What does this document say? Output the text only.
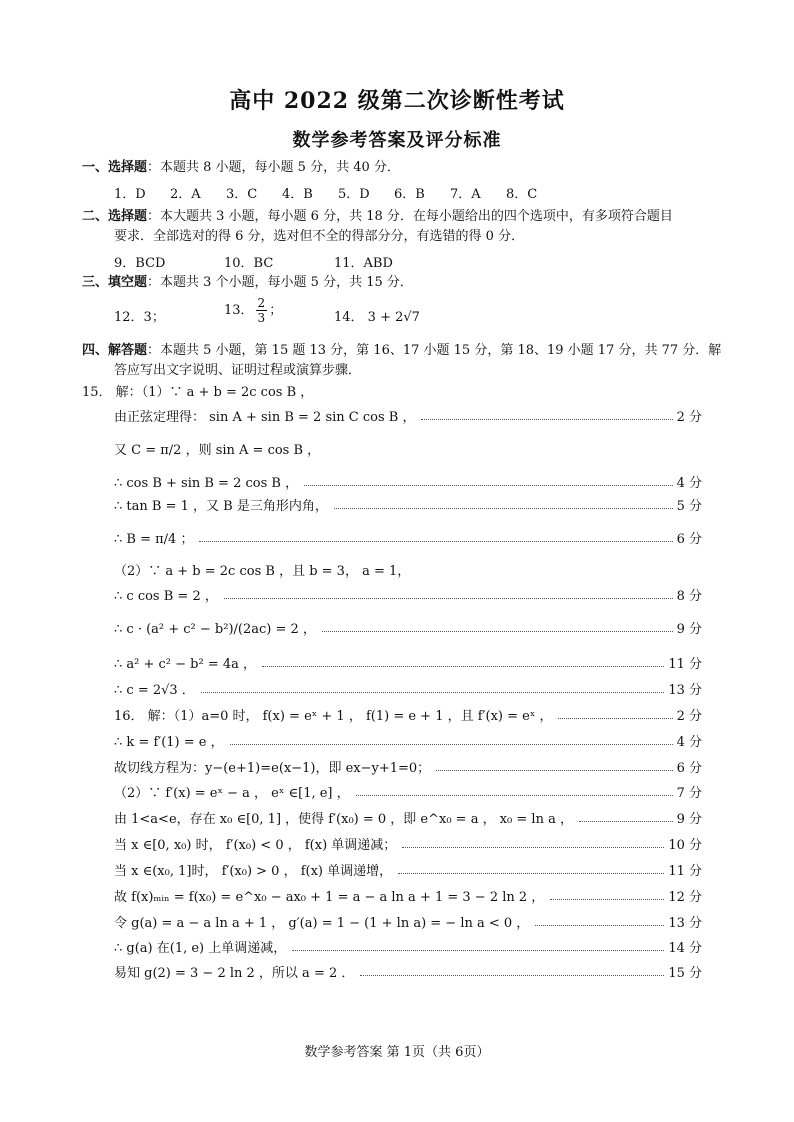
高中 2022 级第二次诊断性考试
数学参考答案及评分标准
一、选择题：本题共 8 小题，每小题 5 分，共 40 分．
1．D 2．A 3．C 4．B 5．D 6．B 7．A 8．C
二、选择题：本大题共 3 小题，每小题 6 分，共 18 分．在每小题给出的四个选项中，有多项符合题目
要求．全部选对的得 6 分，选对但不全的得部分分，有选错的得 0 分．
9．BCD	10．BC	11．ABD
三、填空题：本题共 3 个小题，每小题 5 分，共 15 分．
12．3；	13． $\frac{2}{3}$ ；	14． 3 + 2√7
四、解答题：本题共 5 小题，第 15 题 13 分，第 16、17 小题 15 分，第 18、19 小题 17 分，共 77 分．解
答应写出文字说明、证明过程或演算步骤．
15． 解：（1）∵ a + b = 2c cos B ，
由正弦定理得： sin A + sin B = 2 sin C cos B ，	2 分
又 C = π/2 ，则 sin A = cos B ，
∴ cos B + sin B = 2 cos B ，	4 分
∴ tan B = 1 ，又 B 是三角形内角，	5 分
∴ B = π/4 ；	6 分
（2）∵ a + b = 2c cos B ，且 b = 3， a = 1，
∴ c cos B = 2 ，	8 分
∴ c · (a² + c² − b²)/(2ac) = 2 ，	9 分
∴ a² + c² − b² = 4a ，	11 分
∴ c = 2√3 ．	13 分
16． 解：（1）a=0 时， f(x) = eˣ + 1 ， f(1) = e + 1 ，且 f′(x) = eˣ ，	2 分
∴ k = f′(1) = e ，	4 分
故切线方程为：y−(e+1)=e(x−1)，即 ex−y+1=0；	6 分
（2）∵ f′(x) = eˣ − a ， eˣ ∈[1, e] ，	7 分
由 1<a<e，存在 x₀ ∈[0, 1] ，使得 f′(x₀) = 0 ，即 e^x₀ = a ， x₀ = ln a ，	9 分
当 x ∈[0, x₀) 时， f′(x₀) < 0 ， f(x) 单调递减；	10 分
当 x ∈(x₀, 1]时， f′(x₀) > 0 ， f(x) 单调递增，	11 分
故 f(x)ₘᵢₙ = f(x₀) = e^x₀ − ax₀ + 1 = a − a ln a + 1 = 3 − 2 ln 2 ，	12 分
令 g(a) = a − a ln a + 1 ， g′(a) = 1 − (1 + ln a) = − ln a < 0 ，	13 分
∴ g(a) 在(1, e) 上单调递减，	14 分
易知 g(2) = 3 − 2 ln 2 ，所以 a = 2 ．	15 分
数学参考答案 第 1页（共 6页）
